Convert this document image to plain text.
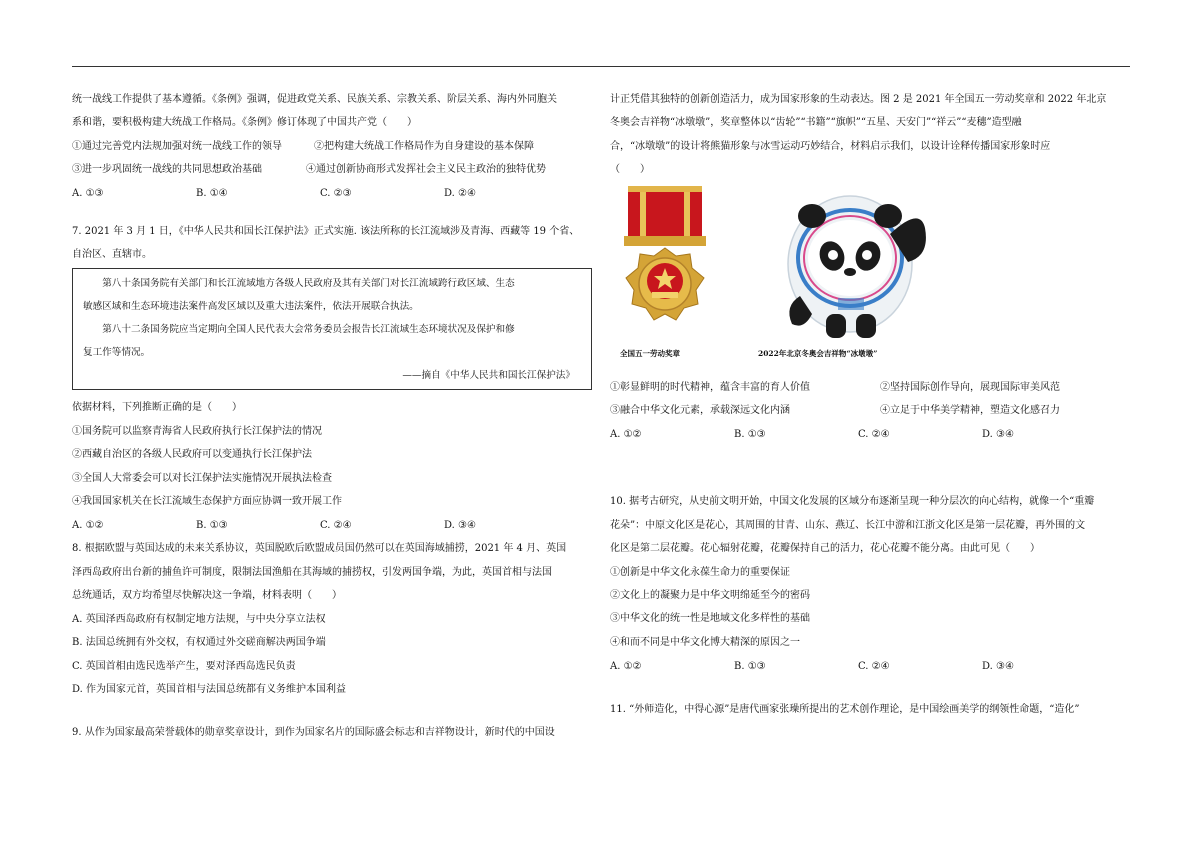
统一战线工作提供了基本遵循。《条例》强调，促进政党关系、民族关系、宗教关系、阶层关系、海内外同胞关

系和谐，要积极构建大统战工作格局。《条例》修订体现了中国共产党（　　）

①通过完善党内法规加强对统一战线工作的领导	②把构建大统战工作格局作为自身建设的基本保障

③进一步巩固统一战线的共同思想政治基础	④通过创新协商形式发挥社会主义民主政治的独特优势

A. ①③	B. ①④	C. ②③	D. ②④

7. 2021 年 3 月 1 日，《中华人民共和国长江保护法》正式实施. 该法所称的长江流域涉及青海、西藏等 19 个省、

自治区、直辖市。

第八十条国务院有关部门和长江流域地方各级人民政府及其有关部门对长江流域跨行政区域、生态
敏感区域和生态环境违法案件高发区域以及重大违法案件，依法开展联合执法。
第八十二条国务院应当定期向全国人民代表大会常务委员会报告长江流域生态环境状况及保护和修
复工作等情况。
——摘自《中华人民共和国长江保护法》

依据材料，下列推断正确的是（　　）

①国务院可以监察青海省人民政府执行长江保护法的情况

②西藏自治区的各级人民政府可以变通执行长江保护法

③全国人大常委会可以对长江保护法实施情况开展执法检查

④我国国家机关在长江流域生态保护方面应协调一致开展工作

A. ①②	B. ①③	C. ②④	D. ③④

8. 根据欧盟与英国达成的未来关系协议，英国脱欧后欧盟成员国仍然可以在英国海域捕捞，2021 年 4 月、英国

泽西岛政府出台新的捕鱼许可制度，限制法国渔船在其海域的捕捞权，引发两国争端，为此，英国首相与法国

总统通话，双方均希望尽快解决这一争端，材料表明（　　）

A. 英国泽西岛政府有权制定地方法规，与中央分享立法权

B. 法国总统拥有外交权，有权通过外交磋商解决两国争端

C. 英国首相由选民选举产生，要对泽西岛选民负责

D. 作为国家元首，英国首相与法国总统都有义务维护本国利益

9. 从作为国家最高荣誉载体的勋章奖章设计，到作为国家名片的国际盛会标志和吉祥物设计，新时代的中国设

计正凭借其独特的创新创造活力，成为国家形象的生动表达。图 2 是 2021 年全国五一劳动奖章和 2022 年北京

冬奥会吉祥物“冰墩墩”，奖章整体以“齿轮”“书籍”“旗帜”“五星、天安门”“祥云”“麦穗”造型融

合，“冰墩墩”的设计将熊猫形象与冰雪运动巧妙结合，材料启示我们，以设计诠释传播国家形象时应

（　　）

全国五一劳动奖章	2022年北京冬奥会吉祥物“冰墩墩”

①彰显鲜明的时代精神，蕴含丰富的育人价值	②坚持国际创作导向，展现国际审美风范

③融合中华文化元素，承载深远文化内涵	④立足于中华美学精神，塑造文化感召力

A. ①②	B. ①③	C. ②④	D. ③④

10. 据考古研究，从史前文明开始，中国文化发展的区域分布逐渐呈现一种分层次的向心结构，就像一个“重瓣

花朵”：中原文化区是花心，其周围的甘青、山东、燕辽、长江中游和江浙文化区是第一层花瓣，再外围的文

化区是第二层花瓣。花心辐射花瓣，花瓣保持自己的活力，花心花瓣不能分离。由此可见（　　）

①创新是中华文化永葆生命力的重要保证

②文化上的凝聚力是中华文明绵延至今的密码

③中华文化的统一性是地域文化多样性的基础

④和而不同是中华文化博大精深的原因之一

A. ①②	B. ①③	C. ②④	D. ③④

11. “外师造化，中得心源”是唐代画家张璪所提出的艺术创作理论，是中国绘画美学的纲领性命题，“造化”
